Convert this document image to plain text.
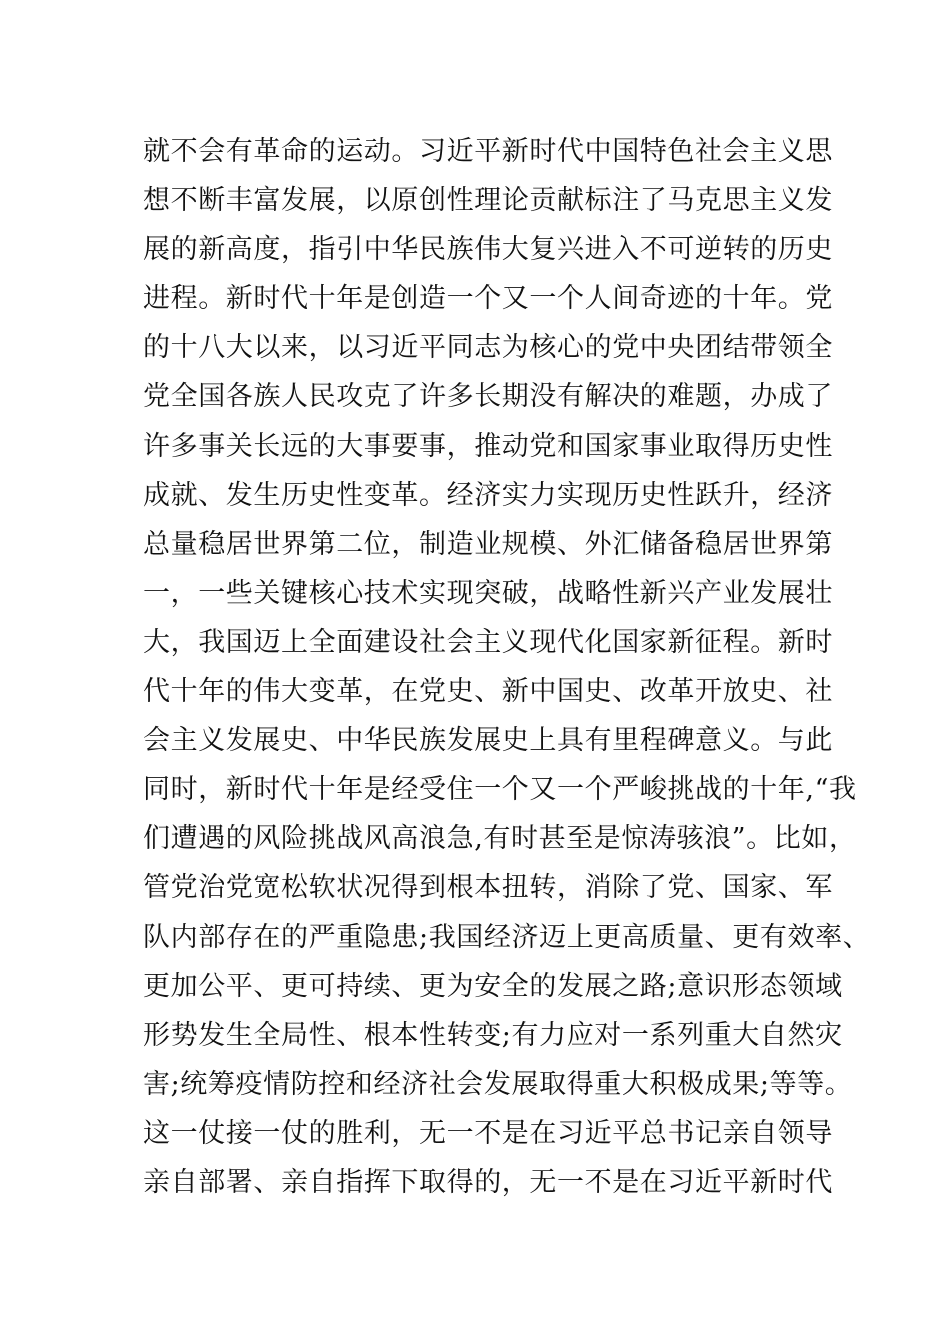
就不会有革命的运动。习近平新时代中国特色社会主义思
想不断丰富发展，以原创性理论贡献标注了马克思主义发
展的新高度，指引中华民族伟大复兴进入不可逆转的历史
进程。新时代十年是创造一个又一个人间奇迹的十年。党
的十八大以来，以习近平同志为核心的党中央团结带领全
党全国各族人民攻克了许多长期没有解决的难题，办成了
许多事关长远的大事要事，推动党和国家事业取得历史性
成就、发生历史性变革。经济实力实现历史性跃升，经济
总量稳居世界第二位，制造业规模、外汇储备稳居世界第
一，一些关键核心技术实现突破，战略性新兴产业发展壮
大，我国迈上全面建设社会主义现代化国家新征程。新时
代十年的伟大变革，在党史、新中国史、改革开放史、社
会主义发展史、中华民族发展史上具有里程碑意义。与此
同时，新时代十年是经受住一个又一个严峻挑战的十年,“我
们遭遇的风险挑战风高浪急,有时甚至是惊涛骇浪”。比如，
管党治党宽松软状况得到根本扭转，消除了党、国家、军
队内部存在的严重隐患;我国经济迈上更高质量、更有效率、
更加公平、更可持续、更为安全的发展之路;意识形态领域
形势发生全局性、根本性转变;有力应对一系列重大自然灾
害;统筹疫情防控和经济社会发展取得重大积极成果;等等。
这一仗接一仗的胜利，无一不是在习近平总书记亲自领导
亲自部署、亲自指挥下取得的，无一不是在习近平新时代
